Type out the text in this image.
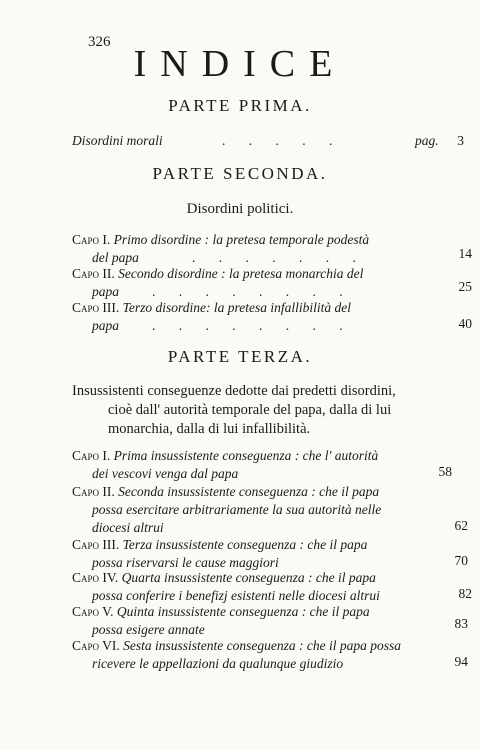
326
INDICE
PARTE PRIMA.
Disordini morali	. . . . .	pag. 3
PARTE SECONDA.
Disordini politici.
Capo I. Primo disordine : la pretesa temporale podestà
del papa	. . . . . . .	14
Capo II. Secondo disordine : la pretesa monarchia del
papa . . . . . . . .	25
Capo III. Terzo disordine: la pretesa infallibilità del
papa . . . . . . . .	40
PARTE TERZA.
Insussistenti conseguenze dedotte dai predetti disordini,
cioè dall' autorità temporale del papa, dalla di lui
monarchia, dalla di lui infallibilità.
Capo I. Prima insussistente conseguenza : che l' autorità
dei vescovi venga dal papa	58
Capo II. Seconda insussistente conseguenza : che il papa
possa esercitare arbitrariamente la sua autorità nelle
diocesi altrui	62
Capo III. Terza insussistente conseguenza : che il papa
possa riservarsi le cause maggiori	70
Capo IV. Quarta insussistente conseguenza : che il papa
possa conferire i benefizj esistenti nelle diocesi altrui	82
Capo V. Quinta insussistente conseguenza : che il papa
possa esigere annate	83
Capo VI. Sesta insussistente conseguenza : che il papa possa
ricevere le appellazioni da qualunque giudizio	94
